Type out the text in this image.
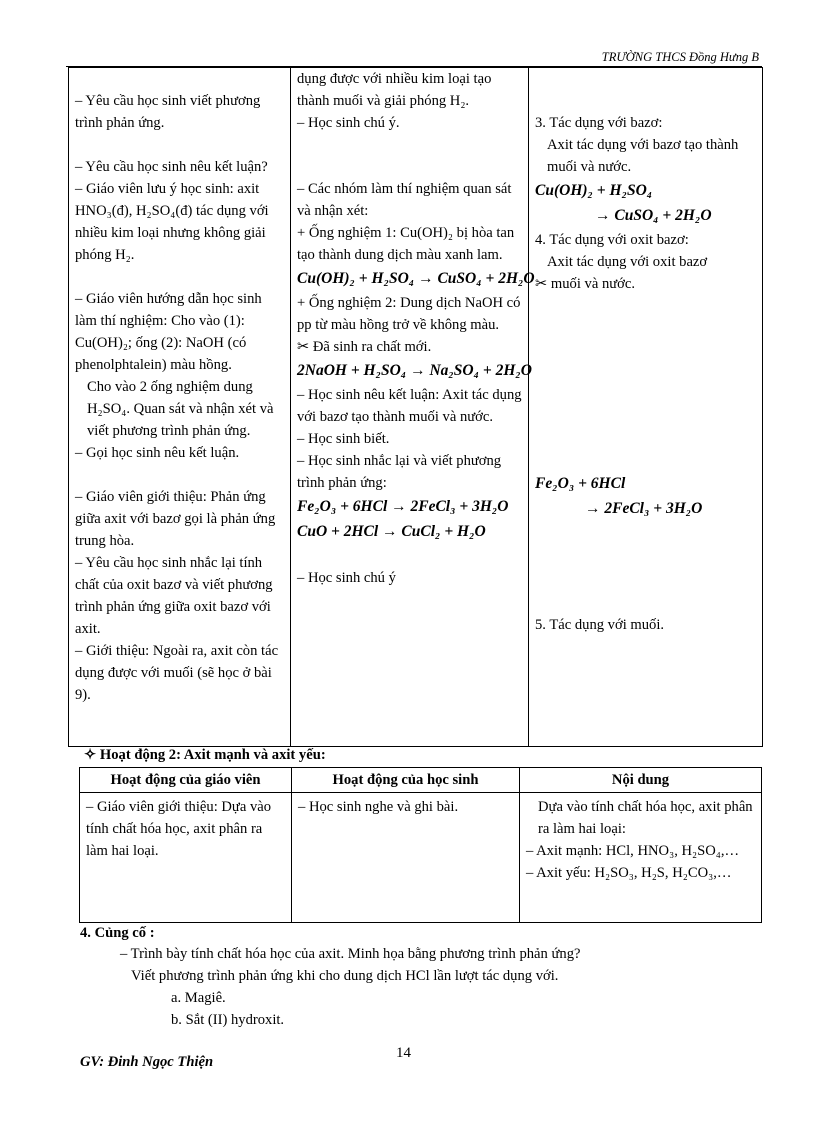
TRƯỜNG THCS Đồng Hưng B
– Yêu cầu học sinh viết phương trình phản ứng.
– Yêu cầu học sinh nêu kết luận?
– Giáo viên lưu ý học sinh: axit HNO₃(đ), H₂SO₄(đ) tác dụng với nhiều kim loại nhưng không giải phóng H₂.
– Giáo viên hướng dẫn học sinh làm thí nghiệm: Cho vào (1): Cu(OH)₂; ống (2): NaOH (có phenolphtalein) màu hồng.
Cho vào 2 ống nghiệm dung H₂SO₄. Quan sát và nhận xét và viết phương trình phản ứng.
– Gọi học sinh nêu kết luận.
– Giáo viên giới thiệu: Phản ứng giữa axit với bazơ gọi là phản ứng trung hòa.
– Yêu cầu học sinh nhắc lại tính chất của oxit bazơ và viết phương trình phản ứng giữa oxit bazơ với axit.
– Giới thiệu: Ngoài ra, axit còn tác dụng được với muối (sẽ học ở bài 9).

dụng được với nhiều kim loại tạo thành muối và giải phóng H₂.
– Học sinh chú ý.
– Các nhóm làm thí nghiệm quan sát và nhận xét:
+ Ống nghiệm 1: Cu(OH)₂ bị hòa tan tạo thành dung dịch màu xanh lam.
Cu(OH)₂ + H₂SO₄ → CuSO₄ + 2H₂O
+ Ống nghiệm 2: Dung dịch NaOH có pp từ màu hồng trở về không màu.
✂ Đã sinh ra chất mới.
2NaOH + H₂SO₄ → Na₂SO₄ + 2H₂O
– Học sinh nêu kết luận: Axit tác dụng với bazơ tạo thành muối và nước.
– Học sinh biết.
– Học sinh nhắc lại và viết phương trình phản ứng:
Fe₂O₃ + 6HCl → 2FeCl₃ + 3H₂O
CuO + 2HCl → CuCl₂ + H₂O
– Học sinh chú ý

3. Tác dụng với bazơ:
Axit tác dụng với bazơ tạo thành muối và nước.
Cu(OH)₂ + H₂SO₄
→ CuSO₄ + 2H₂O
4. Tác dụng với oxit bazơ:
Axit tác dụng với oxit bazơ
✂ muối và nước.
Fe₂O₃ + 6HCl
→ 2FeCl₃ + 3H₂O
5. Tác dụng với muối.
✧ Hoạt động 2: Axit mạnh và axit yếu:
Hoạt động của giáo viên	Hoạt động của học sinh	Nội dung
– Giáo viên giới thiệu: Dựa vào tính chất hóa học, axit phân ra làm hai loại.	– Học sinh nghe và ghi bài.	Dựa vào tính chất hóa học, axit phân ra làm hai loại:
– Axit mạnh: HCl, HNO₃, H₂SO₄,…
– Axit yếu: H₂SO₃, H₂S, H₂CO₃,…
4. Củng cố :
– Trình bày tính chất hóa học của axit. Minh họa bằng phương trình phản ứng?
Viết phương trình phản ứng khi cho dung dịch HCl lần lượt tác dụng với.
a. Magiê.
b. Sắt (II) hydroxit.
14
GV: Đinh Ngọc Thiện
